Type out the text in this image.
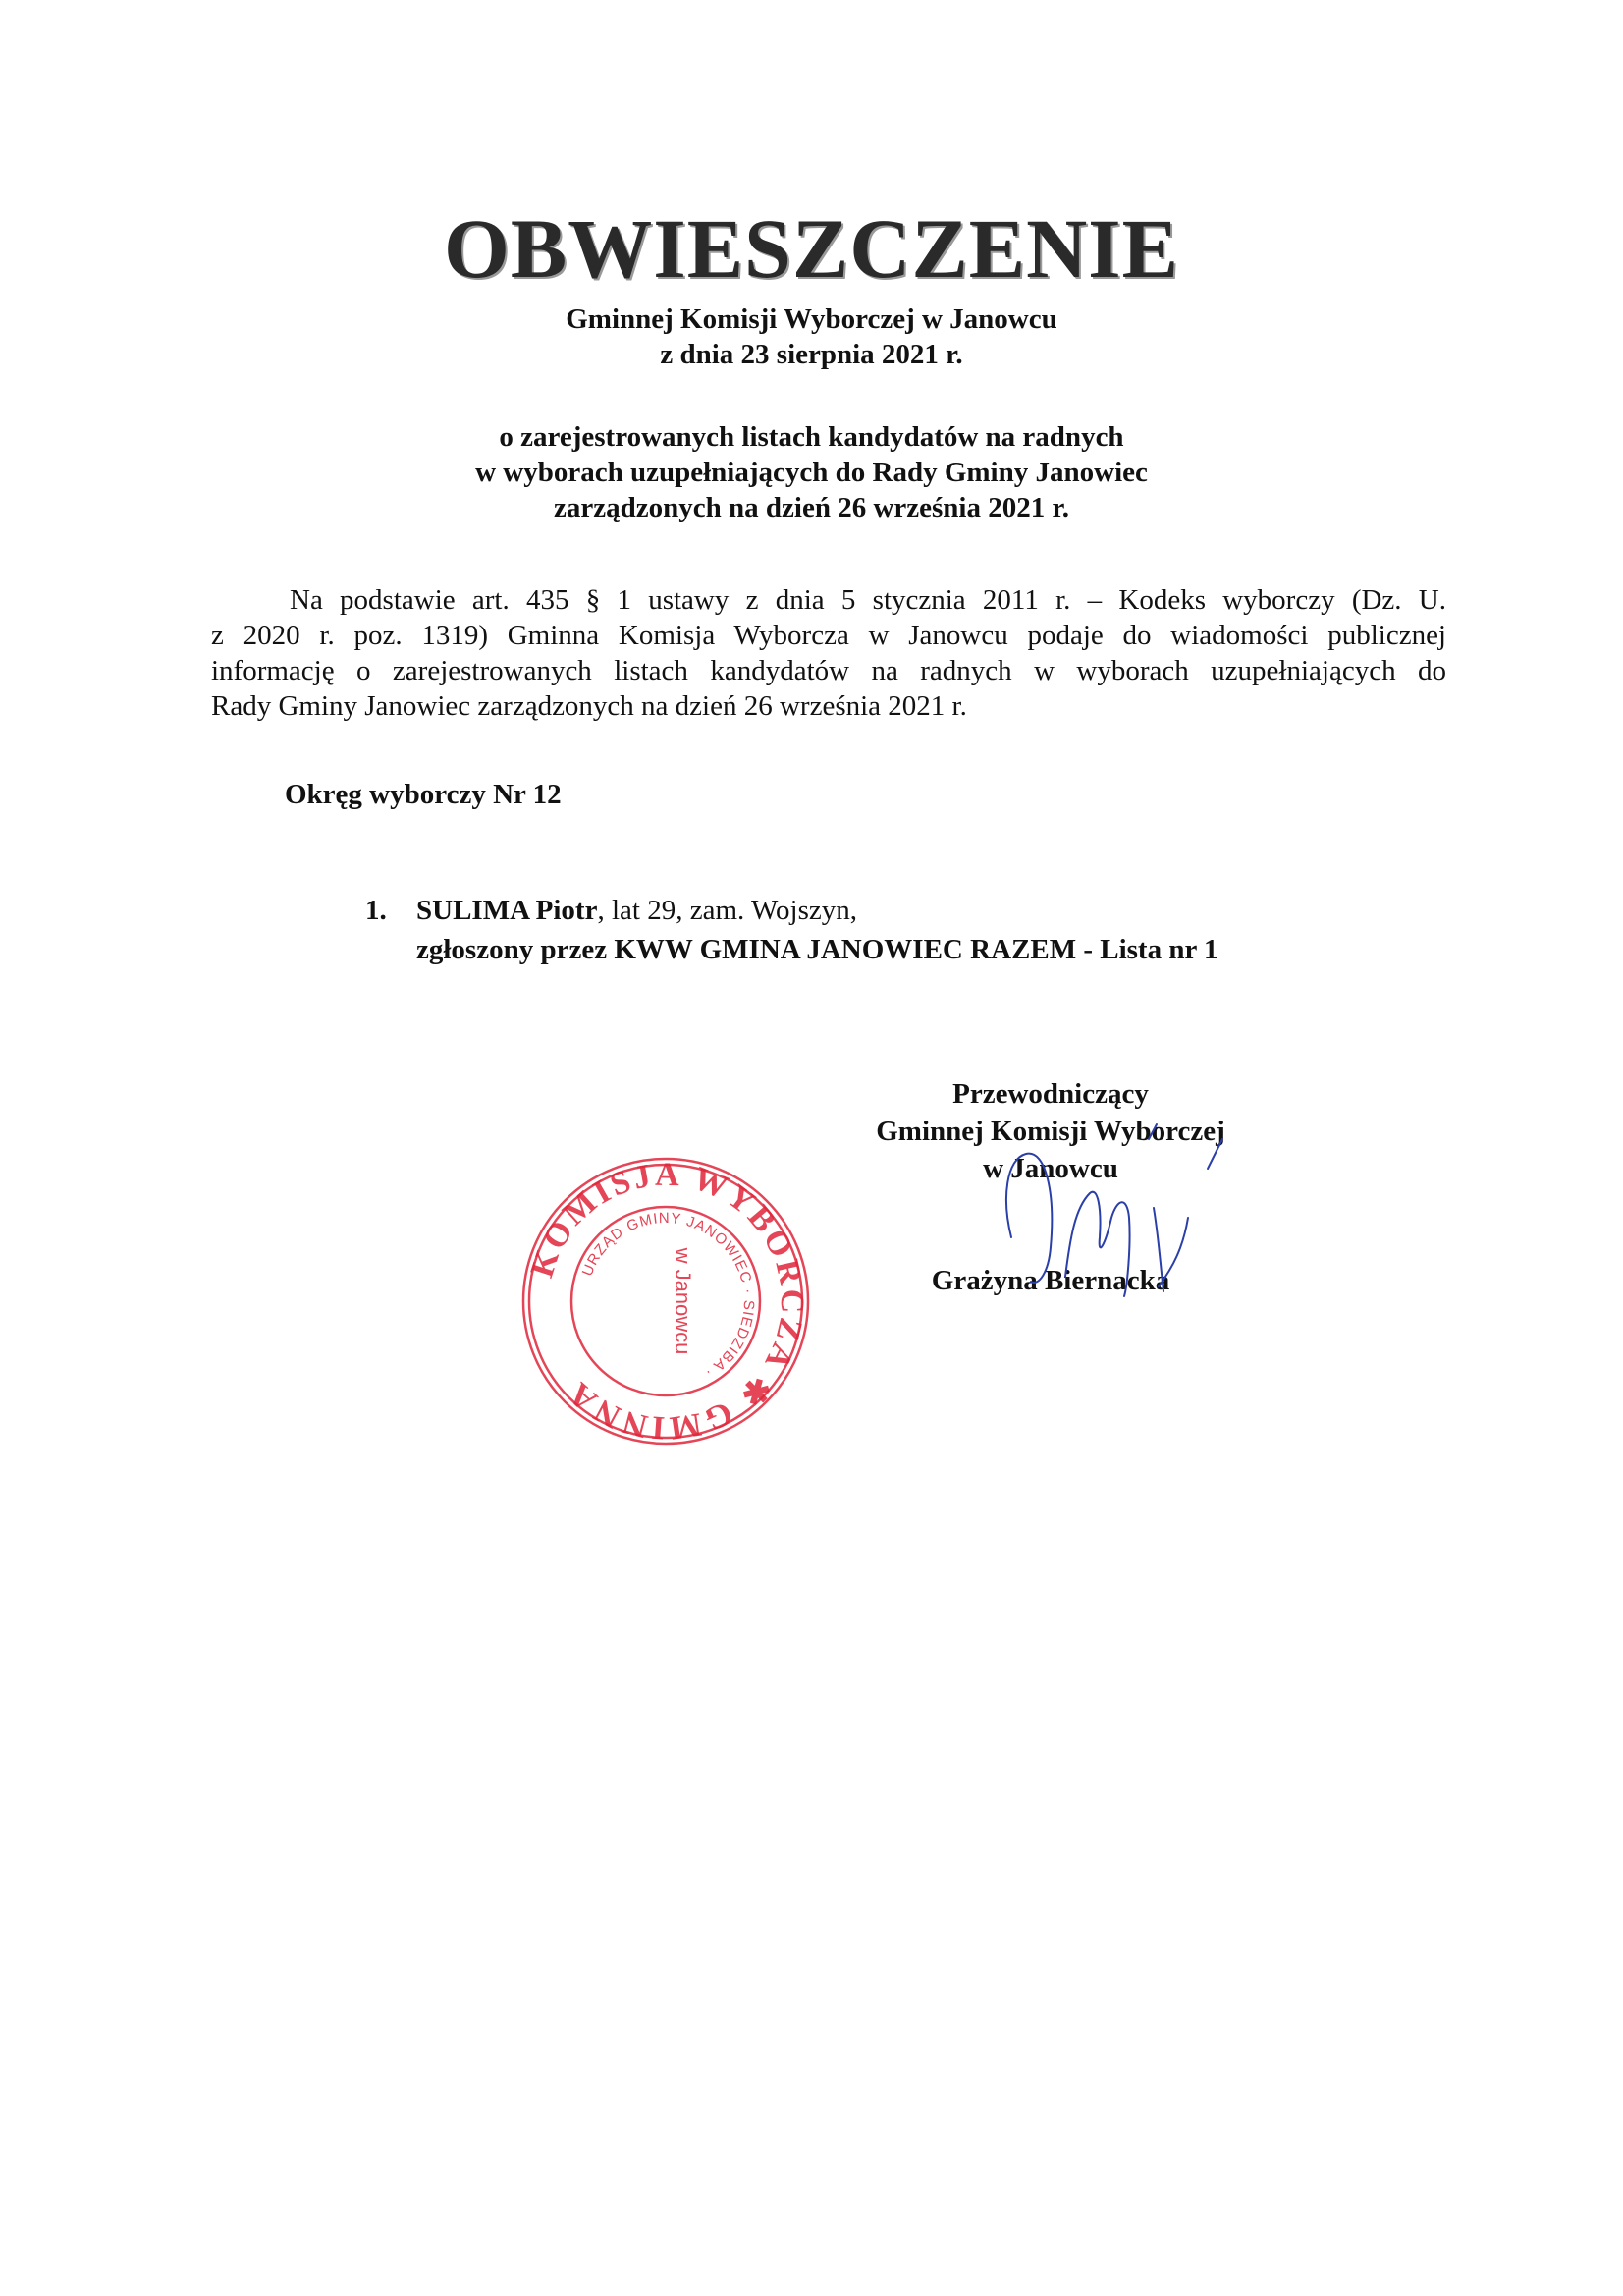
OBWIESZCZENIE
Gminnej Komisji Wyborczej w Janowcu
z dnia 23 sierpnia 2021 r.
o zarejestrowanych listach kandydatów na radnych
w wyborach uzupełniających do Rady Gminy Janowiec
zarządzonych na dzień 26 września 2021 r.
Na podstawie art. 435 § 1 ustawy z dnia 5 stycznia 2011 r. – Kodeks wyborczy (Dz. U.
z 2020 r. poz. 1319) Gminna Komisja Wyborcza w Janowcu podaje do wiadomości publicznej
informację o zarejestrowanych listach kandydatów na radnych w wyborach uzupełniających do
Rady Gminy Janowiec zarządzonych na dzień 26 września 2021 r.
Okręg wyborczy Nr 12
1. SULIMA Piotr, lat 29, zam. Wojszyn,
zgłoszony przez KWW GMINA JANOWIEC RAZEM - Lista nr 1
KOMISJA WYBORCZA ✱ GMINNA
URZĄD GMINY JANOWIEC · SIEDZIBA ·
w Janowcu
Przewodniczący
Gminnej Komisji Wyborczej
w Janowcu
Grażyna Biernacka
